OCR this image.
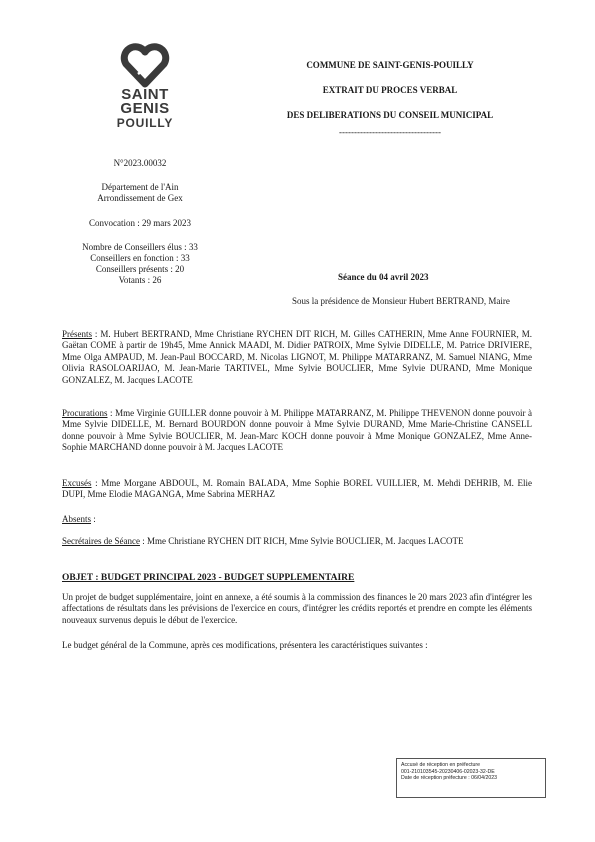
SAINT
GENIS
POUILLY
COMMUNE DE SAINT-GENIS-POUILLY
EXTRAIT DU PROCES VERBAL
DES DELIBERATIONS DU CONSEIL MUNICIPAL
----------------------------------
N°2023.00032
Département de l'Ain
Arrondissement de Gex
Convocation : 29 mars 2023
Nombre de Conseillers élus : 33
Conseillers en fonction : 33
Conseillers présents : 20
Votants : 26	Séance du 04 avril 2023
Sous la présidence de Monsieur Hubert BERTRAND, Maire
Présents : M. Hubert BERTRAND, Mme Christiane RYCHEN DIT RICH, M. Gilles CATHERIN, Mme Anne FOURNIER, M. Gaëtan COME à partir de 19h45, Mme Annick MAADI, M. Didier PATROIX, Mme Sylvie DIDELLE, M. Patrice DRIVIERE, Mme Olga AMPAUD, M. Jean-Paul BOCCARD, M. Nicolas LIGNOT, M. Philippe MATARRANZ, M. Samuel NIANG, Mme Olivia RASOLOARIJAO, M. Jean-Marie TARTIVEL, Mme Sylvie BOUCLIER, Mme Sylvie DURAND, Mme Monique GONZALEZ, M. Jacques LACOTE
Procurations : Mme Virginie GUILLER donne pouvoir à M. Philippe MATARRANZ, M. Philippe THEVENON donne pouvoir à Mme Sylvie DIDELLE, M. Bernard BOURDON donne pouvoir à Mme Sylvie DURAND, Mme Marie-Christine CANSELL donne pouvoir à Mme Sylvie BOUCLIER, M. Jean-Marc KOCH donne pouvoir à Mme Monique GONZALEZ, Mme Anne-Sophie MARCHAND donne pouvoir à M. Jacques LACOTE
Excusés : Mme Morgane ABDOUL, M. Romain BALADA, Mme Sophie BOREL VUILLIER, M. Mehdi DEHRIB, M. Elie DUPI, Mme Elodie MAGANGA, Mme Sabrina MERHAZ
Absents :
Secrétaires de Séance : Mme Christiane RYCHEN DIT RICH, Mme Sylvie BOUCLIER, M. Jacques LACOTE
OBJET : BUDGET PRINCIPAL 2023 - BUDGET SUPPLEMENTAIRE
Un projet de budget supplémentaire, joint en annexe, a été soumis à la commission des finances le 20 mars 2023 afin d'intégrer les affectations de résultats dans les prévisions de l'exercice en cours, d'intégrer les crédits reportés et prendre en compte les éléments nouveaux survenus depuis le début de l'exercice.
Le budget général de la Commune, après ces modifications, présentera les caractéristiques suivantes :
Accusé de réception en préfecture
001-210103545-20230406-02023-32-DE
Date de réception préfecture : 06/04/2023
